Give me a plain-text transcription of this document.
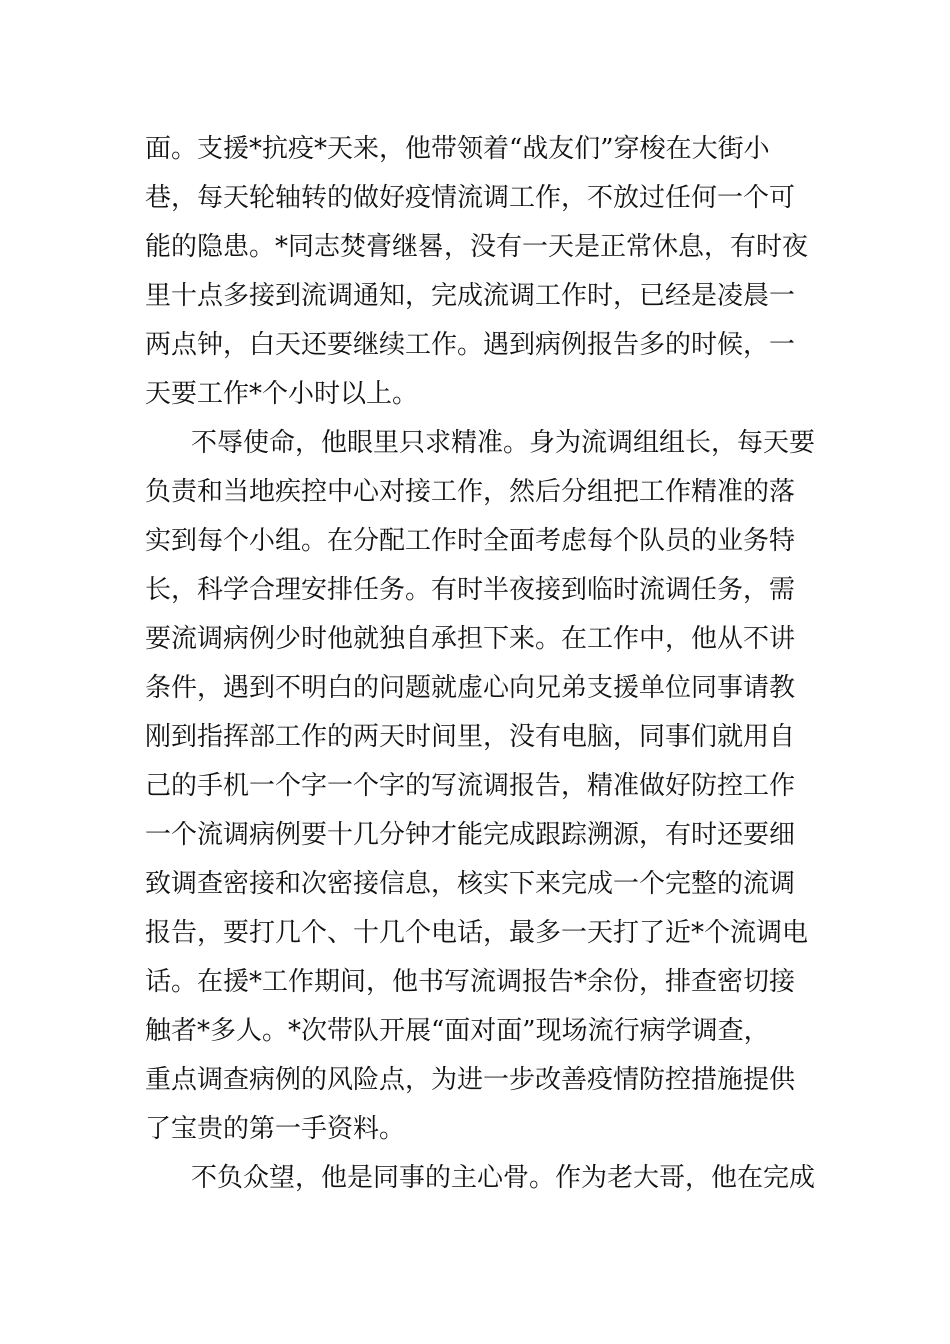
面。支援*抗疫*天来，他带领着“战友们”穿梭在大街小
巷，每天轮轴转的做好疫情流调工作，不放过任何一个可
能的隐患。*同志焚膏继晷，没有一天是正常休息，有时夜
里十点多接到流调通知，完成流调工作时，已经是凌晨一
两点钟，白天还要继续工作。遇到病例报告多的时候，一
天要工作*个小时以上。
不辱使命，他眼里只求精准。身为流调组组长，每天要
负责和当地疾控中心对接工作，然后分组把工作精准的落
实到每个小组。在分配工作时全面考虑每个队员的业务特
长，科学合理安排任务。有时半夜接到临时流调任务，需
要流调病例少时他就独自承担下来。在工作中，他从不讲
条件，遇到不明白的问题就虚心向兄弟支援单位同事请教
刚到指挥部工作的两天时间里，没有电脑，同事们就用自
己的手机一个字一个字的写流调报告，精准做好防控工作
一个流调病例要十几分钟才能完成跟踪溯源，有时还要细
致调查密接和次密接信息，核实下来完成一个完整的流调
报告，要打几个、十几个电话，最多一天打了近*个流调电
话。在援*工作期间，他书写流调报告*余份，排查密切接
触者*多人。*次带队开展“面对面”现场流行病学调查，
重点调查病例的风险点，为进一步改善疫情防控措施提供
了宝贵的第一手资料。
不负众望，他是同事的主心骨。作为老大哥，他在完成
